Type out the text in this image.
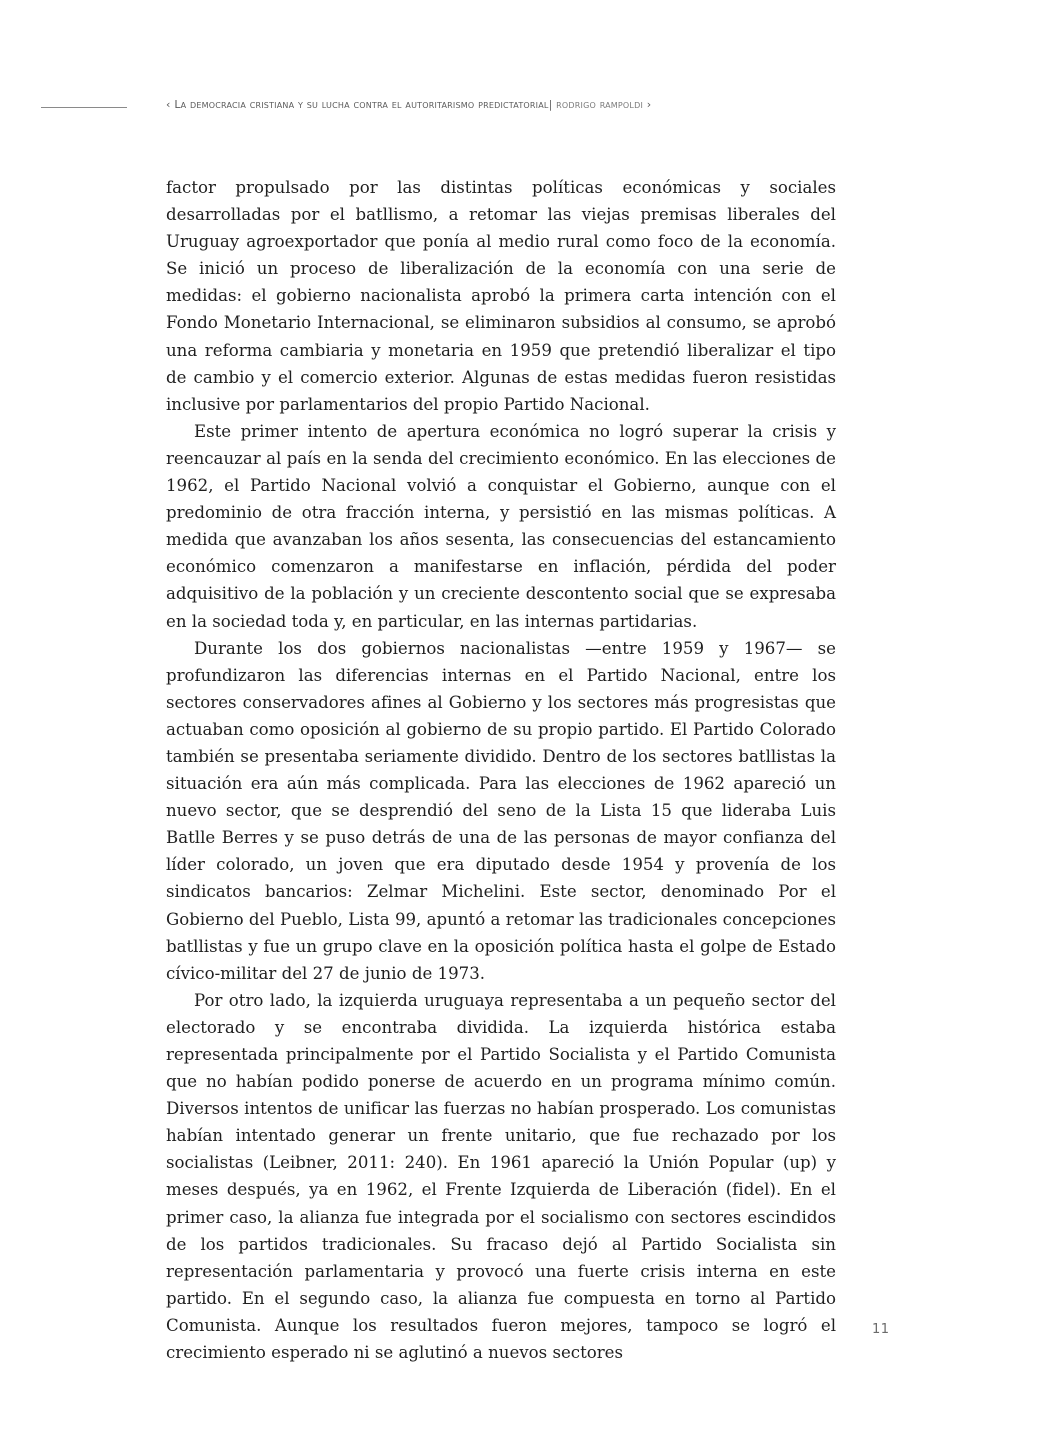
‹ La democracia cristiana y su lucha contra el autoritarismo predictatorial| rodrigo rampoldi ›

factor propulsado por las distintas políticas económicas y sociales desarrolladas por el batllismo, a retomar las viejas premisas liberales del Uruguay agroexportador que ponía al medio rural como foco de la economía. Se inició un proceso de liberalización de la economía con una serie de medidas: el gobierno nacionalista aprobó la primera carta intención con el Fondo Monetario Internacional, se eliminaron subsidios al consumo, se aprobó una reforma cambiaria y monetaria en 1959 que pretendió liberalizar el tipo de cambio y el comercio exterior. Algunas de estas medidas fueron resistidas inclusive por parlamentarios del propio Partido Nacional.

Este primer intento de apertura económica no logró superar la crisis y reencauzar al país en la senda del crecimiento económico. En las elecciones de 1962, el Partido Nacional volvió a conquistar el Gobierno, aunque con el predominio de otra fracción interna, y persistió en las mismas políticas. A medida que avanzaban los años sesenta, las consecuencias del estancamiento económico comenzaron a manifestarse en inflación, pérdida del poder adquisitivo de la población y un creciente descontento social que se expresaba en la sociedad toda y, en particular, en las internas partidarias.

Durante los dos gobiernos nacionalistas —entre 1959 y 1967— se profundizaron las diferencias internas en el Partido Nacional, entre los sectores conservadores afines al Gobierno y los sectores más progresistas que actuaban como oposición al gobierno de su propio partido. El Partido Colorado también se presentaba seriamente dividido. Dentro de los sectores batllistas la situación era aún más complicada. Para las elecciones de 1962 apareció un nuevo sector, que se desprendió del seno de la Lista 15 que lideraba Luis Batlle Berres y se puso detrás de una de las personas de mayor confianza del líder colorado, un joven que era diputado desde 1954 y provenía de los sindicatos bancarios: Zelmar Michelini. Este sector, denominado Por el Gobierno del Pueblo, Lista 99, apuntó a retomar las tradicionales concepciones batllistas y fue un grupo clave en la oposición política hasta el golpe de Estado cívico-militar del 27 de junio de 1973.

Por otro lado, la izquierda uruguaya representaba a un pequeño sector del electorado y se encontraba dividida. La izquierda histórica estaba representada principalmente por el Partido Socialista y el Partido Comunista que no habían podido ponerse de acuerdo en un programa mínimo común. Diversos intentos de unificar las fuerzas no habían prosperado. Los comunistas habían intentado generar un frente unitario, que fue rechazado por los socialistas (Leibner, 2011: 240). En 1961 apareció la Unión Popular (up) y meses después, ya en 1962, el Frente Izquierda de Liberación (fidel). En el primer caso, la alianza fue integrada por el socialismo con sectores escindidos de los partidos tradicionales. Su fracaso dejó al Partido Socialista sin representación parlamentaria y provocó una fuerte crisis interna en este partido. En el segundo caso, la alianza fue compuesta en torno al Partido Comunista. Aunque los resultados fueron mejores, tampoco se logró el crecimiento esperado ni se aglutinó a nuevos sectores

11
